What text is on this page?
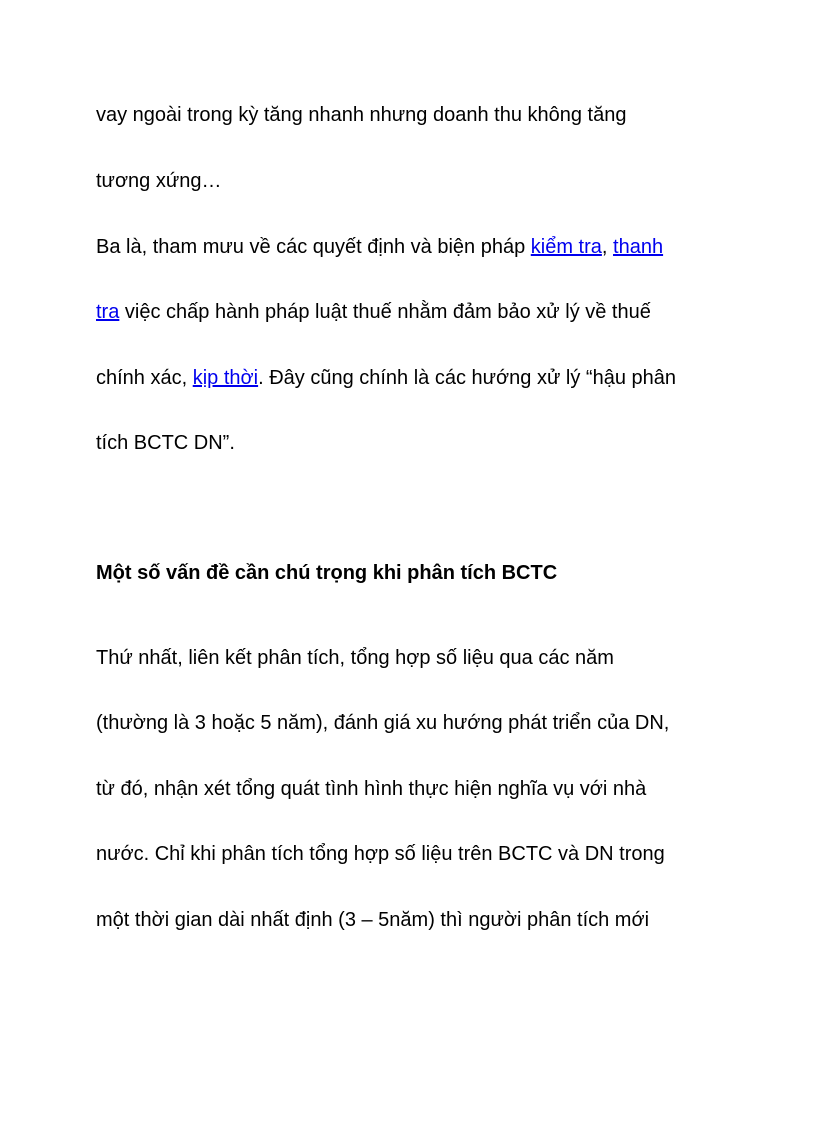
vay ngoài trong kỳ tăng nhanh nhưng doanh thu không tăng

tương xứng…

Ba là, tham mưu về các quyết định và biện pháp kiểm tra, thanh

tra việc chấp hành pháp luật thuế nhằm đảm bảo xử lý về thuế

chính xác, kịp thời. Đây cũng chính là các hướng xử lý “hậu phân

tích BCTC DN”.

Một số vấn đề cần chú trọng khi phân tích BCTC

Thứ nhất, liên kết phân tích, tổng hợp số liệu qua các năm

(thường là 3 hoặc 5 năm), đánh giá xu hướng phát triển của DN,

từ đó, nhận xét tổng quát tình hình thực hiện nghĩa vụ với nhà

nước. Chỉ khi phân tích tổng hợp số liệu trên BCTC và DN trong

một thời gian dài nhất định (3 – 5năm) thì người phân tích mới
